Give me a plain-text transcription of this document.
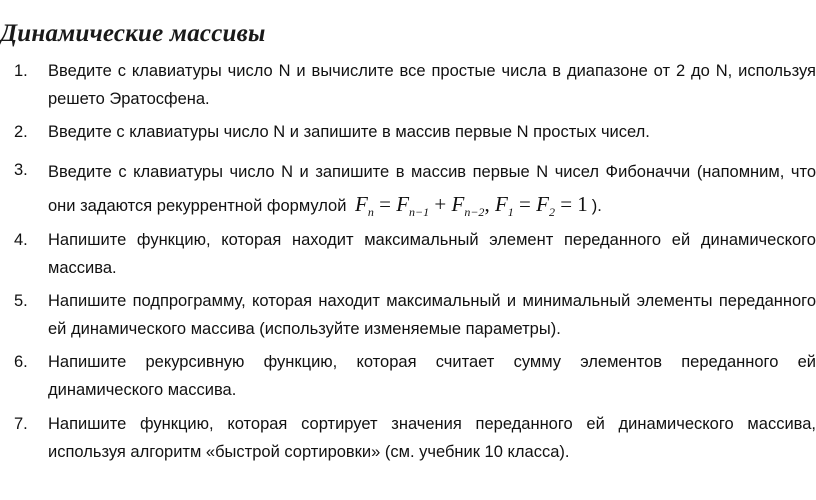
Динамические массивы
1.	Введите с клавиатуры число N и вычислите все простые числа в диапазоне от 2 до N, используя решето Эратосфена.
2.	Введите с клавиатуры число N и запишите в массив первые N простых чисел.
3.	Введите с клавиатуры число N и запишите в массив первые N чисел Фибоначчи (напомним, что они задаются рекуррентной формулой $F_n = F_{n-1} + F_{n-2}$, $F_1 = F_2 = 1$ ).
4.	Напишите функцию, которая находит максимальный элемент переданного ей динамического массива.
5.	Напишите подпрограмму, которая находит максимальный и минимальный элементы переданного ей динамического массива (используйте изменяемые параметры).
6.	Напишите рекурсивную функцию, которая считает сумму элементов переданного ей динамического массива.
7.	Напишите функцию, которая сортирует значения переданного ей динамического массива, используя алгоритм «быстрой сортировки» (см. учебник 10 класса).
